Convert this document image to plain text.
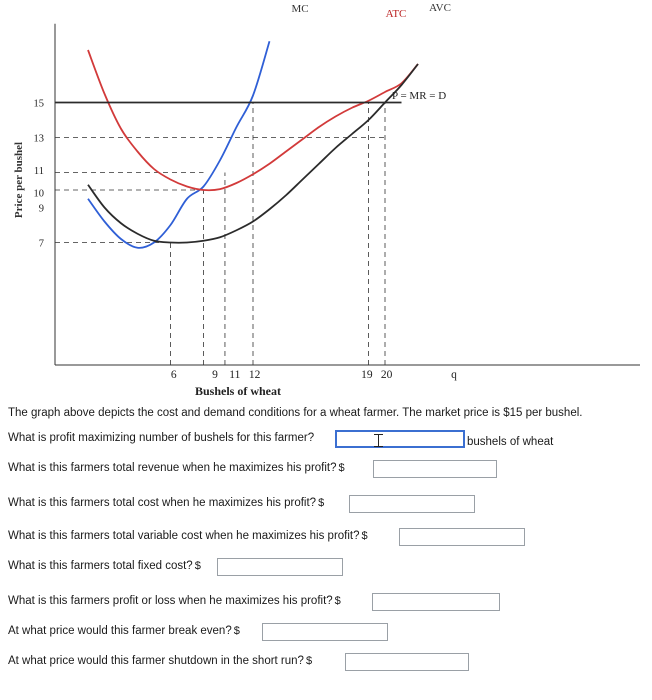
6	9 11 12	19 20	q
7
9
10
11
13
15
Bushels of wheat
Price per bushel
MC	ATC AVC
P = MR = D
The graph above depicts the cost and demand conditions for a wheat farmer. The market price is $15 per bushel.
bushels of wheat
What is profit maximizing number of bushels for this farmer?
What is this farmers total revenue when he maximizes his profit? $
What is this farmers total cost when he maximizes his profit? $
What is this farmers total variable cost when he maximizes his profit? $
What is this farmers total fixed cost? $
What is this farmers profit or loss when he maximizes his profit? $
At what price would this farmer break even? $
At what price would this farmer shutdown in the short run? $
